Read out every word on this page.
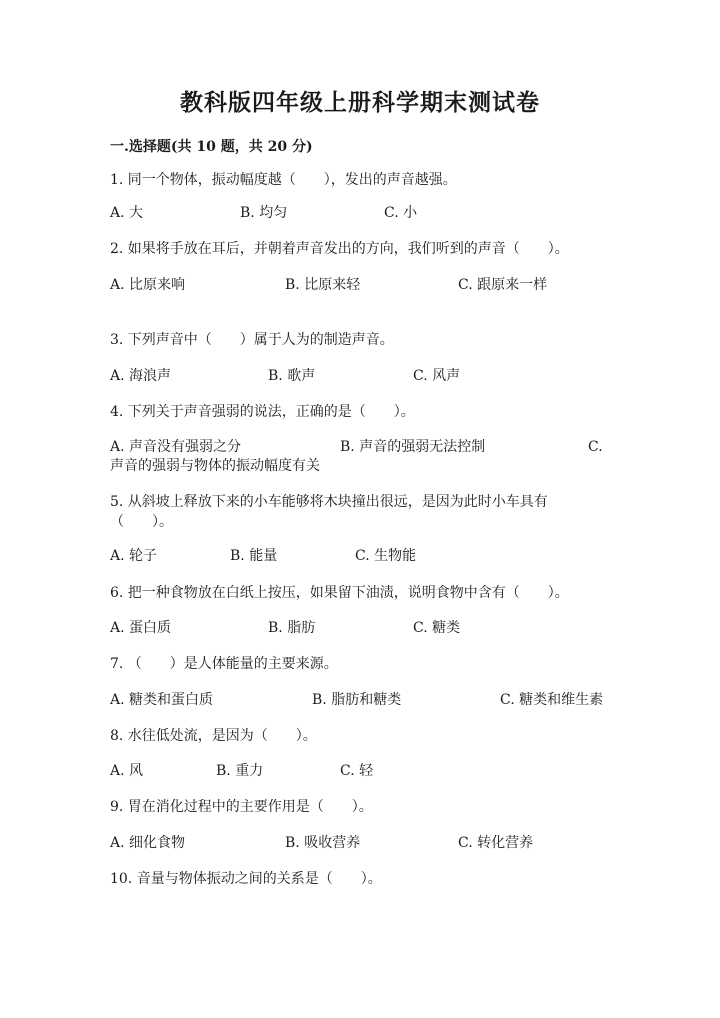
教科版四年级上册科学期末测试卷
一.选择题(共 10 题，共 20 分)
1. 同一个物体，振动幅度越（　　），发出的声音越强。
A. 大	B. 均匀	C. 小
2. 如果将手放在耳后，并朝着声音发出的方向，我们听到的声音（　　）。
A. 比原来响	B. 比原来轻	C. 跟原来一样
3. 下列声音中（　　）属于人为的制造声音。
A. 海浪声	B. 歌声	C. 风声
4. 下列关于声音强弱的说法，正确的是（　　）。
A. 声音没有强弱之分	B. 声音的强弱无法控制	C.
声音的强弱与物体的振动幅度有关
5. 从斜坡上释放下来的小车能够将木块撞出很远，是因为此时小车具有（　　）。
A. 轮子	B. 能量	C. 生物能
6. 把一种食物放在白纸上按压，如果留下油渍，说明食物中含有（　　）。
A. 蛋白质	B. 脂肪	C. 糖类
7. （　　）是人体能量的主要来源。
A. 糖类和蛋白质	B. 脂肪和糖类	C. 糖类和维生素
8. 水往低处流，是因为（　　）。
A. 风	B. 重力	C. 轻
9. 胃在消化过程中的主要作用是（　　）。
A. 细化食物	B. 吸收营养	C. 转化营养
10. 音量与物体振动之间的关系是（　　）。
